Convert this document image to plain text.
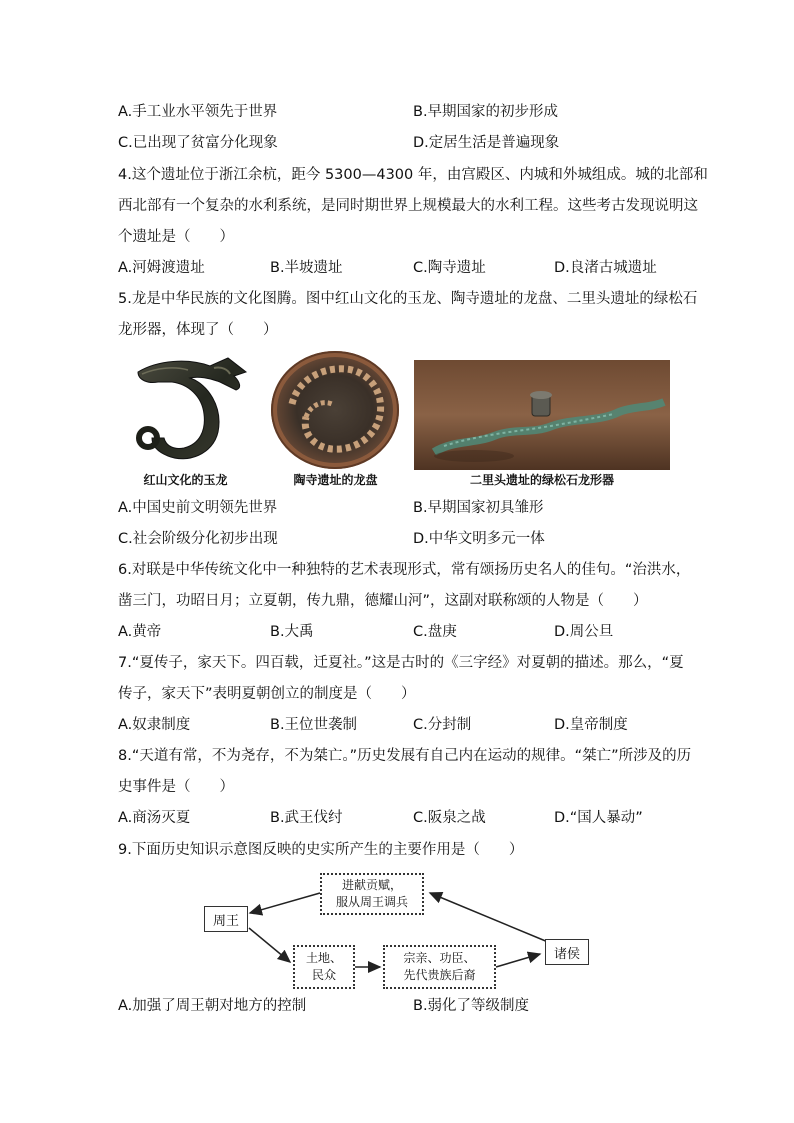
A.手工业水平领先于世界	B.早期国家的初步形成
C.已出现了贫富分化现象	D.定居生活是普遍现象
4.这个遗址位于浙江余杭，距今 5300—4300 年，由宫殿区、内城和外城组成。城的北部和
西北部有一个复杂的水利系统，是同时期世界上规模最大的水利工程。这些考古发现说明这
个遗址是（　　）
A.河姆渡遗址	B.半坡遗址	C.陶寺遗址	D.良渚古城遗址
5.龙是中华民族的文化图腾。图中红山文化的玉龙、陶寺遗址的龙盘、二里头遗址的绿松石
龙形器，体现了（　　）
红山文化的玉龙	陶寺遗址的龙盘	二里头遗址的绿松石龙形器
A.中国史前文明领先世界	B.早期国家初具雏形
C.社会阶级分化初步出现	D.中华文明多元一体
6.对联是中华传统文化中一种独特的艺术表现形式，常有颂扬历史名人的佳句。“治洪水，
凿三门，功昭日月；立夏朝，传九鼎，德耀山河”，这副对联称颂的人物是（　　）
A.黄帝	B.大禹	C.盘庚	D.周公旦
7.“夏传子，家天下。四百载，迁夏社。”这是古时的《三字经》对夏朝的描述。那么，“夏
传子，家天下”表明夏朝创立的制度是（　　）
A.奴隶制度	B.王位世袭制	C.分封制	D.皇帝制度
8.“天道有常，不为尧存，不为桀亡。”历史发展有自己内在运动的规律。“桀亡”所涉及的历
史事件是（　　）
A.商汤灭夏	B.武王伐纣	C.阪泉之战	D.“国人暴动”
9.下面历史知识示意图反映的史实所产生的主要作用是（　　）
进献贡赋，
服从周王调兵
周王
土地、
民众
宗亲、功臣、
先代贵族后裔
诸侯
A.加强了周王朝对地方的控制	B.弱化了等级制度
